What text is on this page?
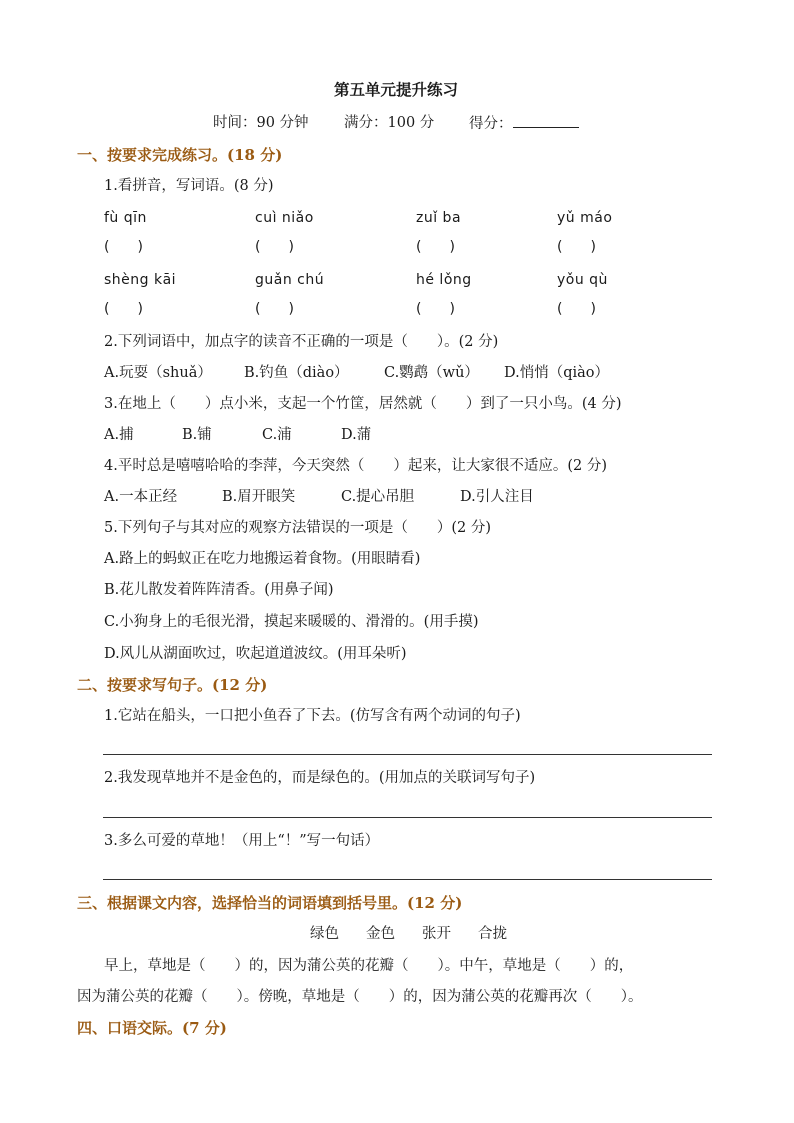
第五单元提升练习
时间：90 分钟 满分：100 分 得分：
一、按要求完成练习。(18 分)
1.看拼音，写词语。(8 分)
fù qīn	cuì niǎo	zuǐ ba	yǔ máo
(　　)	(　　)	(　　)	(　　)
shèng kāi	guǎn chú	hé lǒng	yǒu qù
(　　)	(　　)	(　　)	(　　)
2.下列词语中，加点字的读音不正确的一项是（　　）。(2 分)
A.玩耍（shuǎ） B.钓鱼（diào） C.鹦鹉（wǔ） D.悄悄（qiào）
3.在地上（　　）点小米，支起一个竹筐，居然就（　　）到了一只小鸟。(4 分)
A.捕	B.铺	C.浦	D.蒲
4.平时总是嘻嘻哈哈的李萍，今天突然（　　）起来，让大家很不适应。(2 分)
A.一本正经	B.眉开眼笑	C.提心吊胆	D.引人注目
5.下列句子与其对应的观察方法错误的一项是（　　）(2 分)
A.路上的蚂蚁正在吃力地搬运着食物。(用眼睛看)
B.花儿散发着阵阵清香。(用鼻子闻)
C.小狗身上的毛很光滑，摸起来暖暖的、滑滑的。(用手摸)
D.风儿从湖面吹过，吹起道道波纹。(用耳朵听)
二、按要求写句子。(12 分)
1.它站在船头，一口把小鱼吞了下去。(仿写含有两个动词的句子)
2.我发现草地并不是金色的，而是绿色的。(用加点的关联词写句子)
3.多么可爱的草地！（用上“！”写一句话）
三、根据课文内容，选择恰当的词语填到括号里。(12 分)
绿色 金色 张开 合拢
早上，草地是（　　）的，因为蒲公英的花瓣（　　）。中午，草地是（　　）的，
因为蒲公英的花瓣（　　）。傍晚，草地是（　　）的，因为蒲公英的花瓣再次（　　）。
四、口语交际。(7 分)
